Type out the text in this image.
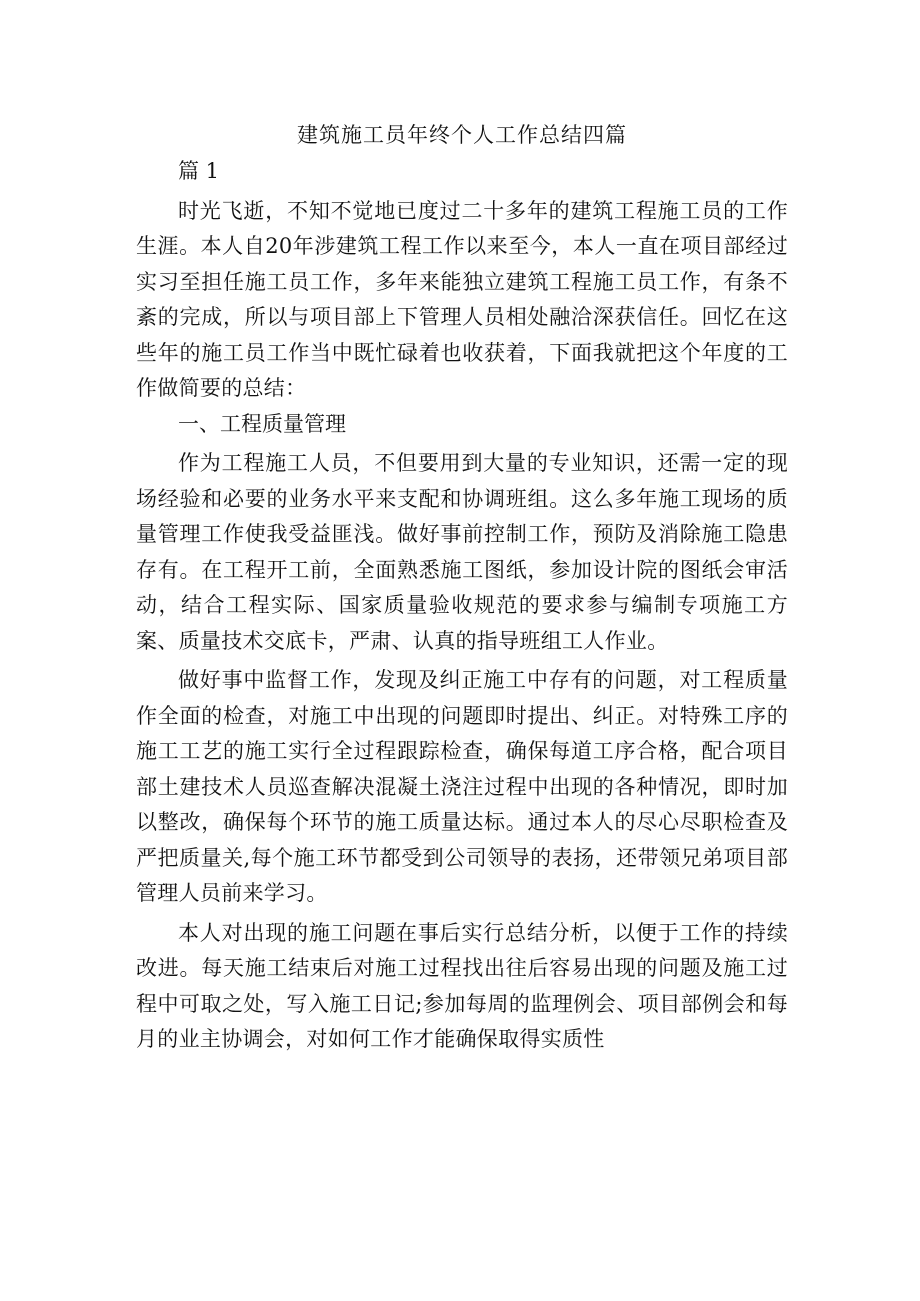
建筑施工员年终个人工作总结四篇

篇 1

时光飞逝，不知不觉地已度过二十多年的建筑工程施工员的工作生涯。本人自20年涉建筑工程工作以来至今，本人一直在项目部经过实习至担任施工员工作，多年来能独立建筑工程施工员工作，有条不紊的完成，所以与项目部上下管理人员相处融洽深获信任。回忆在这些年的施工员工作当中既忙碌着也收获着，下面我就把这个年度的工作做简要的总结：

一、工程质量管理

作为工程施工人员，不但要用到大量的专业知识，还需一定的现场经验和必要的业务水平来支配和协调班组。这么多年施工现场的质量管理工作使我受益匪浅。做好事前控制工作，预防及消除施工隐患存有。在工程开工前，全面熟悉施工图纸，参加设计院的图纸会审活动，结合工程实际、国家质量验收规范的要求参与编制专项施工方案、质量技术交底卡，严肃、认真的指导班组工人作业。

做好事中监督工作，发现及纠正施工中存有的问题，对工程质量作全面的检查，对施工中出现的问题即时提出、纠正。对特殊工序的施工工艺的施工实行全过程跟踪检查，确保每道工序合格，配合项目部土建技术人员巡查解决混凝土浇注过程中出现的各种情况，即时加以整改，确保每个环节的施工质量达标。通过本人的尽心尽职检查及严把质量关,每个施工环节都受到公司领导的表扬，还带领兄弟项目部管理人员前来学习。

本人对出现的施工问题在事后实行总结分析，以便于工作的持续改进。每天施工结束后对施工过程找出往后容易出现的问题及施工过程中可取之处，写入施工日记;参加每周的监理例会、项目部例会和每月的业主协调会，对如何工作才能确保取得实质性
